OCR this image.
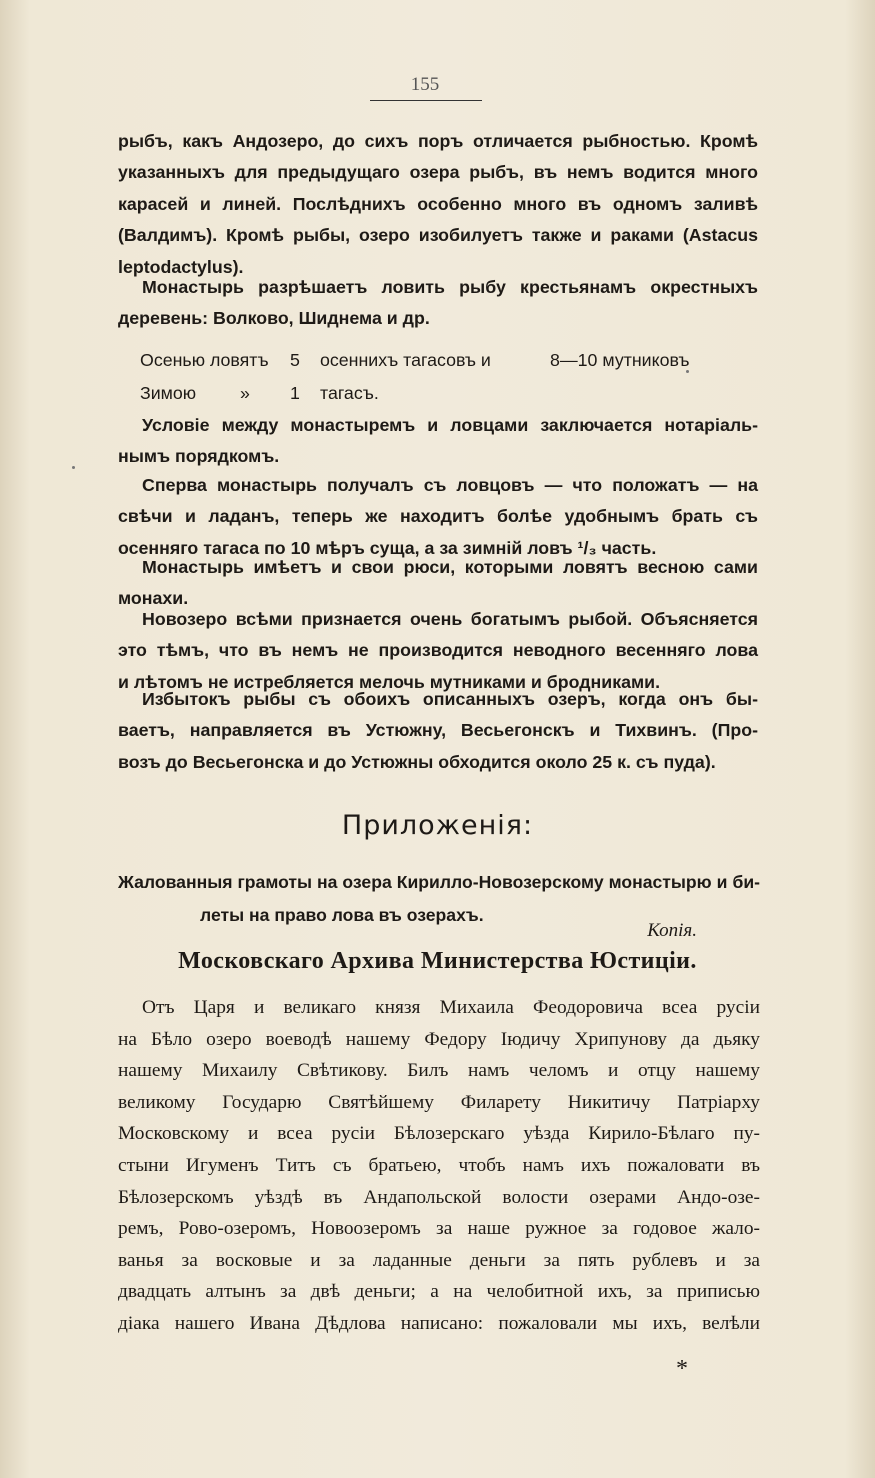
155
рыбъ, какъ Андозеро, до сихъ поръ отличается рыбностью. Кромѣ
указанныхъ для предыдущаго озера рыбъ, въ немъ водится много
карасей и линей. Послѣднихъ особенно много въ одномъ заливѣ
(Валдимъ). Кромѣ рыбы, озеро изобилуетъ также и раками (Astacus
leptodactylus).
Монастырь разрѣшаетъ ловить рыбу крестьянамъ окрестныхъ
деревень: Волково, Шиднема и др.
Осенью ловятъ 5 осеннихъ тагасовъ и	8—10 мутниковъ
Зимою » 1 тагасъ.
Условіе между монастыремъ и ловцами заключается нотаріаль-
нымъ порядкомъ.
Сперва монастырь получалъ съ ловцовъ — что положатъ — на
свѣчи и ладанъ, теперь же находитъ болѣе удобнымъ брать съ
осенняго тагаса по 10 мѣръ суща, а за зимній ловъ ¹/₃ часть.
Монастырь имѣетъ и свои рюси, которыми ловятъ весною сами
монахи.
Новозеро всѣми признается очень богатымъ рыбой. Объясняется
это тѣмъ, что въ немъ не производится неводного весенняго лова
и лѣтомъ не истребляется мелочь мутниками и бродниками.
Избытокъ рыбы съ обоихъ описанныхъ озеръ, когда онъ бы-
ваетъ, направляется въ Устюжну, Весьегонскъ и Тихвинъ. (Про-
возъ до Весьегонска и до Устюжны обходится около 25 к. съ пуда).
Приложенія:
Жалованныя грамоты на озера Кирилло-Новозерскому монастырю и би-
леты на право лова въ озерахъ.
Копія.
Московскаго Архива Министерства Юстиціи.
Отъ Царя и великаго князя Михаила Феодоровича всеа русіи
на Бѣло озеро воеводѣ нашему Федору Іюдичу Хрипунову да дьяку
нашему Михаилу Свѣтикову. Билъ намъ челомъ и отцу нашему
великому Государю Святѣйшему Филарету Никитичу Патріарху
Московскому и всеа русіи Бѣлозерскаго уѣзда Кирило-Бѣлаго пу-
стыни Игуменъ Титъ съ братьею, чтобъ намъ ихъ пожаловати въ
Бѣлозерскомъ уѣздѣ въ Андапольской волости озерами Андо-озе-
ремъ, Рово-озеромъ, Новоозеромъ за наше ружное за годовое жало-
ванья за восковые и за ладанные деньги за пять рублевъ и за
двадцать алтынъ за двѣ деньги; а на челобитной ихъ, за приписью
діака нашего Ивана Дѣдлова написано: пожаловали мы ихъ, велѣли
*
